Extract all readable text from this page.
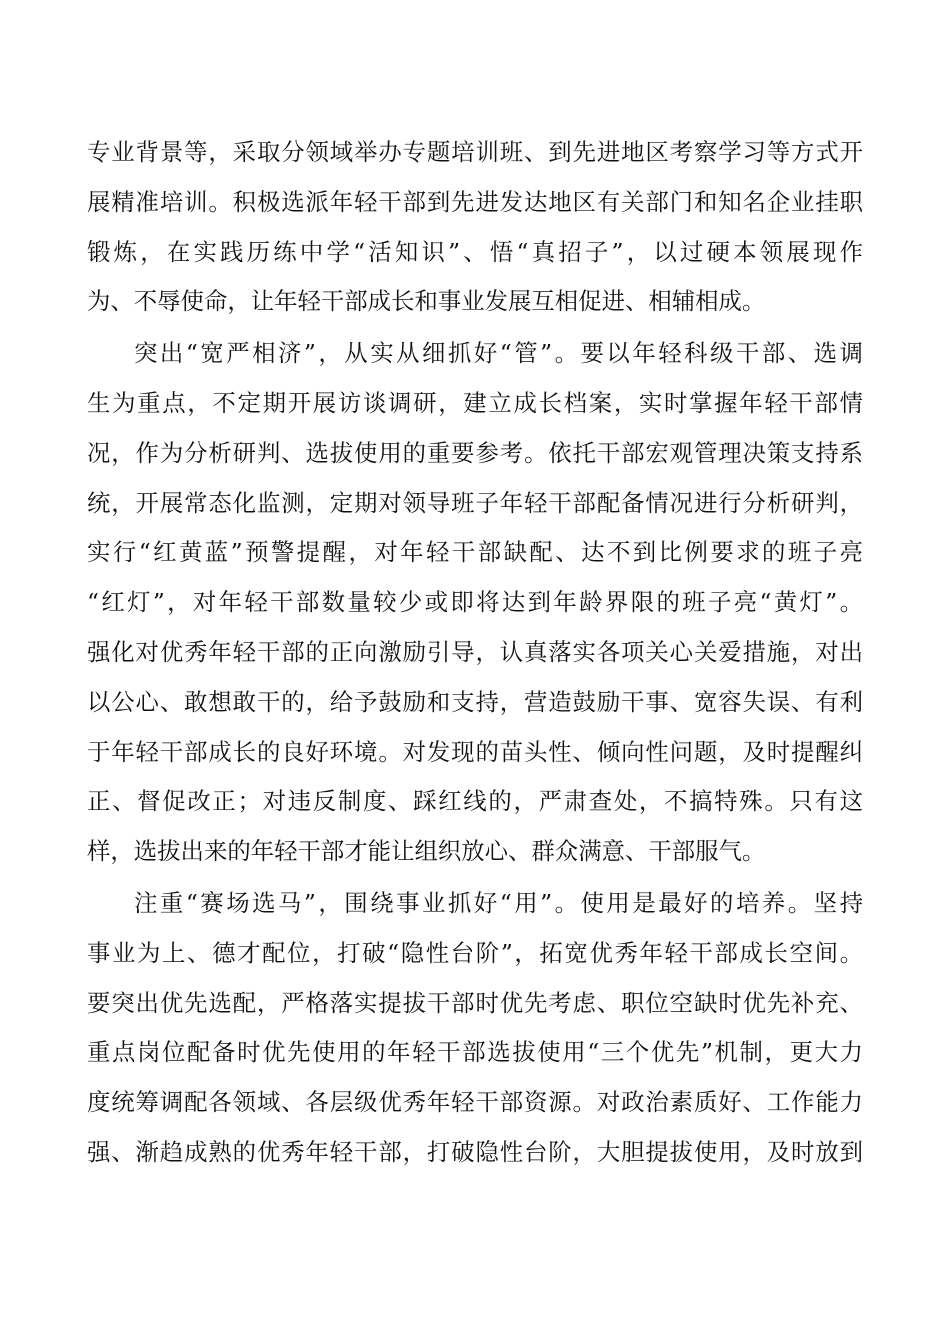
专业背景等，采取分领域举办专题培训班、到先进地区考察学习等方式开
展精准培训。积极选派年轻干部到先进发达地区有关部门和知名企业挂职
锻炼，在实践历练中学“活知识”、悟“真招子”，以过硬本领展现作
为、不辱使命，让年轻干部成长和事业发展互相促进、相辅相成。
突出“宽严相济”，从实从细抓好“管”。要以年轻科级干部、选调
生为重点，不定期开展访谈调研，建立成长档案，实时掌握年轻干部情
况，作为分析研判、选拔使用的重要参考。依托干部宏观管理决策支持系
统，开展常态化监测，定期对领导班子年轻干部配备情况进行分析研判，
实行“红黄蓝”预警提醒，对年轻干部缺配、达不到比例要求的班子亮
“红灯”，对年轻干部数量较少或即将达到年龄界限的班子亮“黄灯”。
强化对优秀年轻干部的正向激励引导，认真落实各项关心关爱措施，对出
以公心、敢想敢干的，给予鼓励和支持，营造鼓励干事、宽容失误、有利
于年轻干部成长的良好环境。对发现的苗头性、倾向性问题，及时提醒纠
正、督促改正；对违反制度、踩红线的，严肃查处，不搞特殊。只有这
样，选拔出来的年轻干部才能让组织放心、群众满意、干部服气。
注重“赛场选马”，围绕事业抓好“用”。使用是最好的培养。坚持
事业为上、德才配位，打破“隐性台阶”，拓宽优秀年轻干部成长空间。
要突出优先选配，严格落实提拔干部时优先考虑、职位空缺时优先补充、
重点岗位配备时优先使用的年轻干部选拔使用“三个优先”机制，更大力
度统筹调配各领域、各层级优秀年轻干部资源。对政治素质好、工作能力
强、渐趋成熟的优秀年轻干部，打破隐性台阶，大胆提拔使用，及时放到
